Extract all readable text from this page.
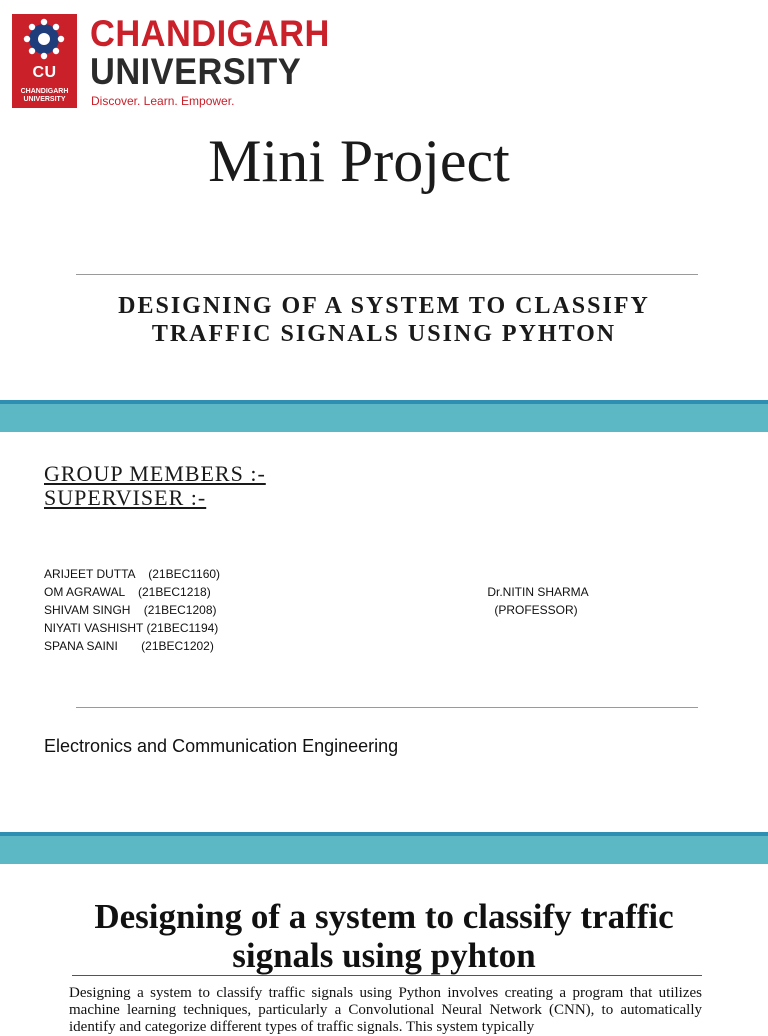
CU
CHANDIGARH UNIVERSITY
CHANDIGARH
UNIVERSITY
Discover. Learn. Empower.
Mini Project
DESIGNING OF A SYSTEM TO CLASSIFY
TRAFFIC SIGNALS USING PYHTON
GROUP MEMBERS :-
SUPERVISER :-
ARIJEET DUTTA    (21BEC1160)
OM AGRAWAL    (21BEC1218)
SHIVAM SINGH    (21BEC1208)
NIYATI VASHISHT (21BEC1194)
SPANA SAINI       (21BEC1202)
Dr.NITIN SHARMA
(PROFESSOR)
Electronics and Communication Engineering
Designing of a system to classify traffic
signals using pyhton
Designing a system to classify traffic signals using Python involves creating a program that utilizes machine learning techniques, particularly a Convolutional Neural Network (CNN), to automatically identify and categorize different types of traffic signals. This system typically
